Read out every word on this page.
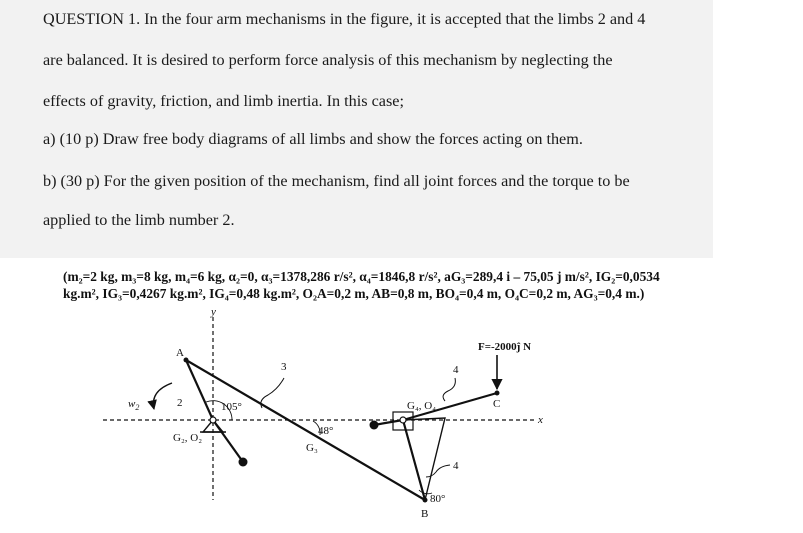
QUESTION 1. In the four arm mechanisms in the figure, it is accepted that the limbs 2 and 4
are balanced. It is desired to perform force analysis of this mechanism by neglecting the
effects of gravity, friction, and limb inertia. In this case;
a) (10 p) Draw free body diagrams of all limbs and show the forces acting on them.
b) (30 p) For the given position of the mechanism, find all joint forces and the torque to be
applied to the limb number 2.
(m₂=2 kg, m₃=8 kg, m₄=6 kg, α₂=0, α₃=1378,286 r/s², α₄=1846,8 r/s², aG₃=289,4 i – 75,05 j m/s², IG₂=0,0534
kg.m², IG₃=0,4267 kg.m², IG₄=0,48 kg.m², O₂A=0,2 m, AB=0,8 m, BO₄=0,4 m, O₄C=0,2 m, AG₃=0,4 m.)
y
x
2
A
B
3
G₃
48°
C
4
4
G₄, O₄
80°
G₂, O₂
105°
$w_2$
F=-2000ĵ N
